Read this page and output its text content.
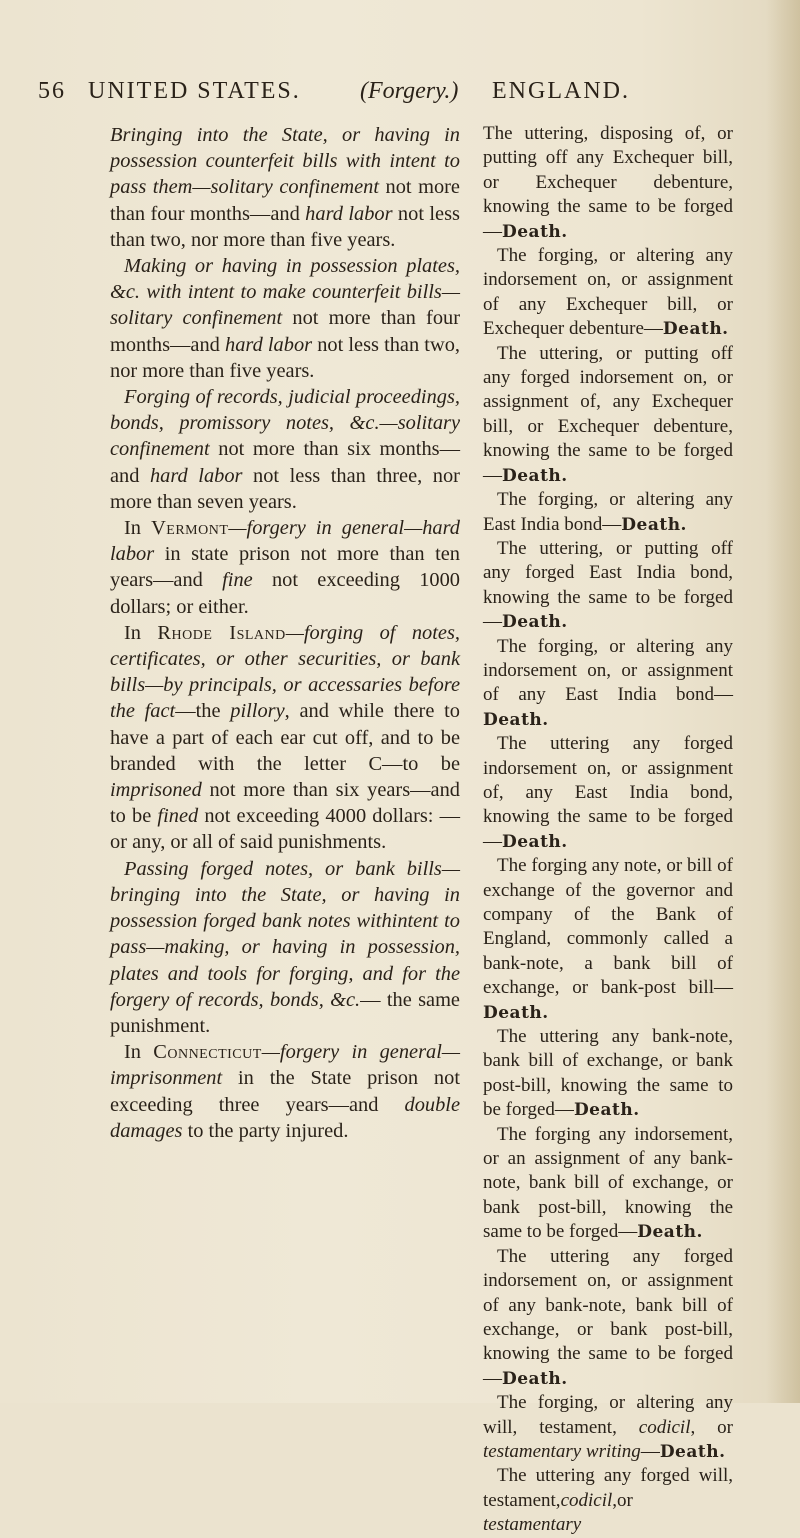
56 UNITED STATES. (Forgery.) ENGLAND.

Bringing into the State, or having in possession counterfeit bills with intent to pass them—solitary confinement not more than four months—and hard labor not less than two, nor more than five years.

Making or having in possession plates, &c. with intent to make counterfeit bills—solitary confinement not more than four months—and hard labor not less than two, nor more than five years.

Forging of records, judicial proceedings, bonds, promissory notes, &c.—solitary confinement not more than six months—and hard labor not less than three, nor more than seven years.

In Vermont—forgery in general—hard labor in state prison not more than ten years—and fine not exceeding 1000 dollars; or either.

In Rhode Island—forging of notes, certificates, or other securities, or bank bills—by principals, or accessaries before the fact—the pillory, and while there to have a part of each ear cut off, and to be branded with the letter C—to be imprisoned not more than six years—and to be fined not exceeding 4000 dollars: —or any, or all of said punishments.

Passing forged notes, or bank bills—bringing into the State, or having in possession forged bank notes withintent to pass—making, or having in possession, plates and tools for forging, and for the forgery of records, bonds, &c.— the same punishment.

In Connecticut—forgery in general—imprisonment in the State prison not exceeding three years—and double damages to the party injured.

The uttering, disposing of, or putting off any Exchequer bill, or Exchequer debenture, knowing the same to be forged—Death.

The forging, or altering any indorsement on, or assignment of any Exchequer bill, or Exchequer debenture—Death.

The uttering, or putting off any forged indorsement on, or assignment of, any Exchequer bill, or Exchequer debenture, knowing the same to be forged—Death.

The forging, or altering any East India bond—Death.

The uttering, or putting off any forged East India bond, knowing the same to be forged—Death.

The forging, or altering any indorsement on, or assignment of any East India bond—Death.

The uttering any forged indorsement on, or assignment of, any East India bond, knowing the same to be forged—Death.

The forging any note, or bill of exchange of the governor and company of the Bank of England, commonly called a bank-note, a bank bill of exchange, or bank-post bill—Death.

The uttering any bank-note, bank bill of exchange, or bank post-bill, knowing the same to be forged—Death.

The forging any indorsement, or an assignment of any bank-note, bank bill of exchange, or bank post-bill, knowing the same to be forged—Death.

The uttering any forged indorsement on, or assignment of any bank-note, bank bill of exchange, or bank post-bill, knowing the same to be forged—Death.

The forging, or altering any will, testament, codicil, or testamentary writing—Death.

The uttering any forged will, testament,codicil,or testamentary
